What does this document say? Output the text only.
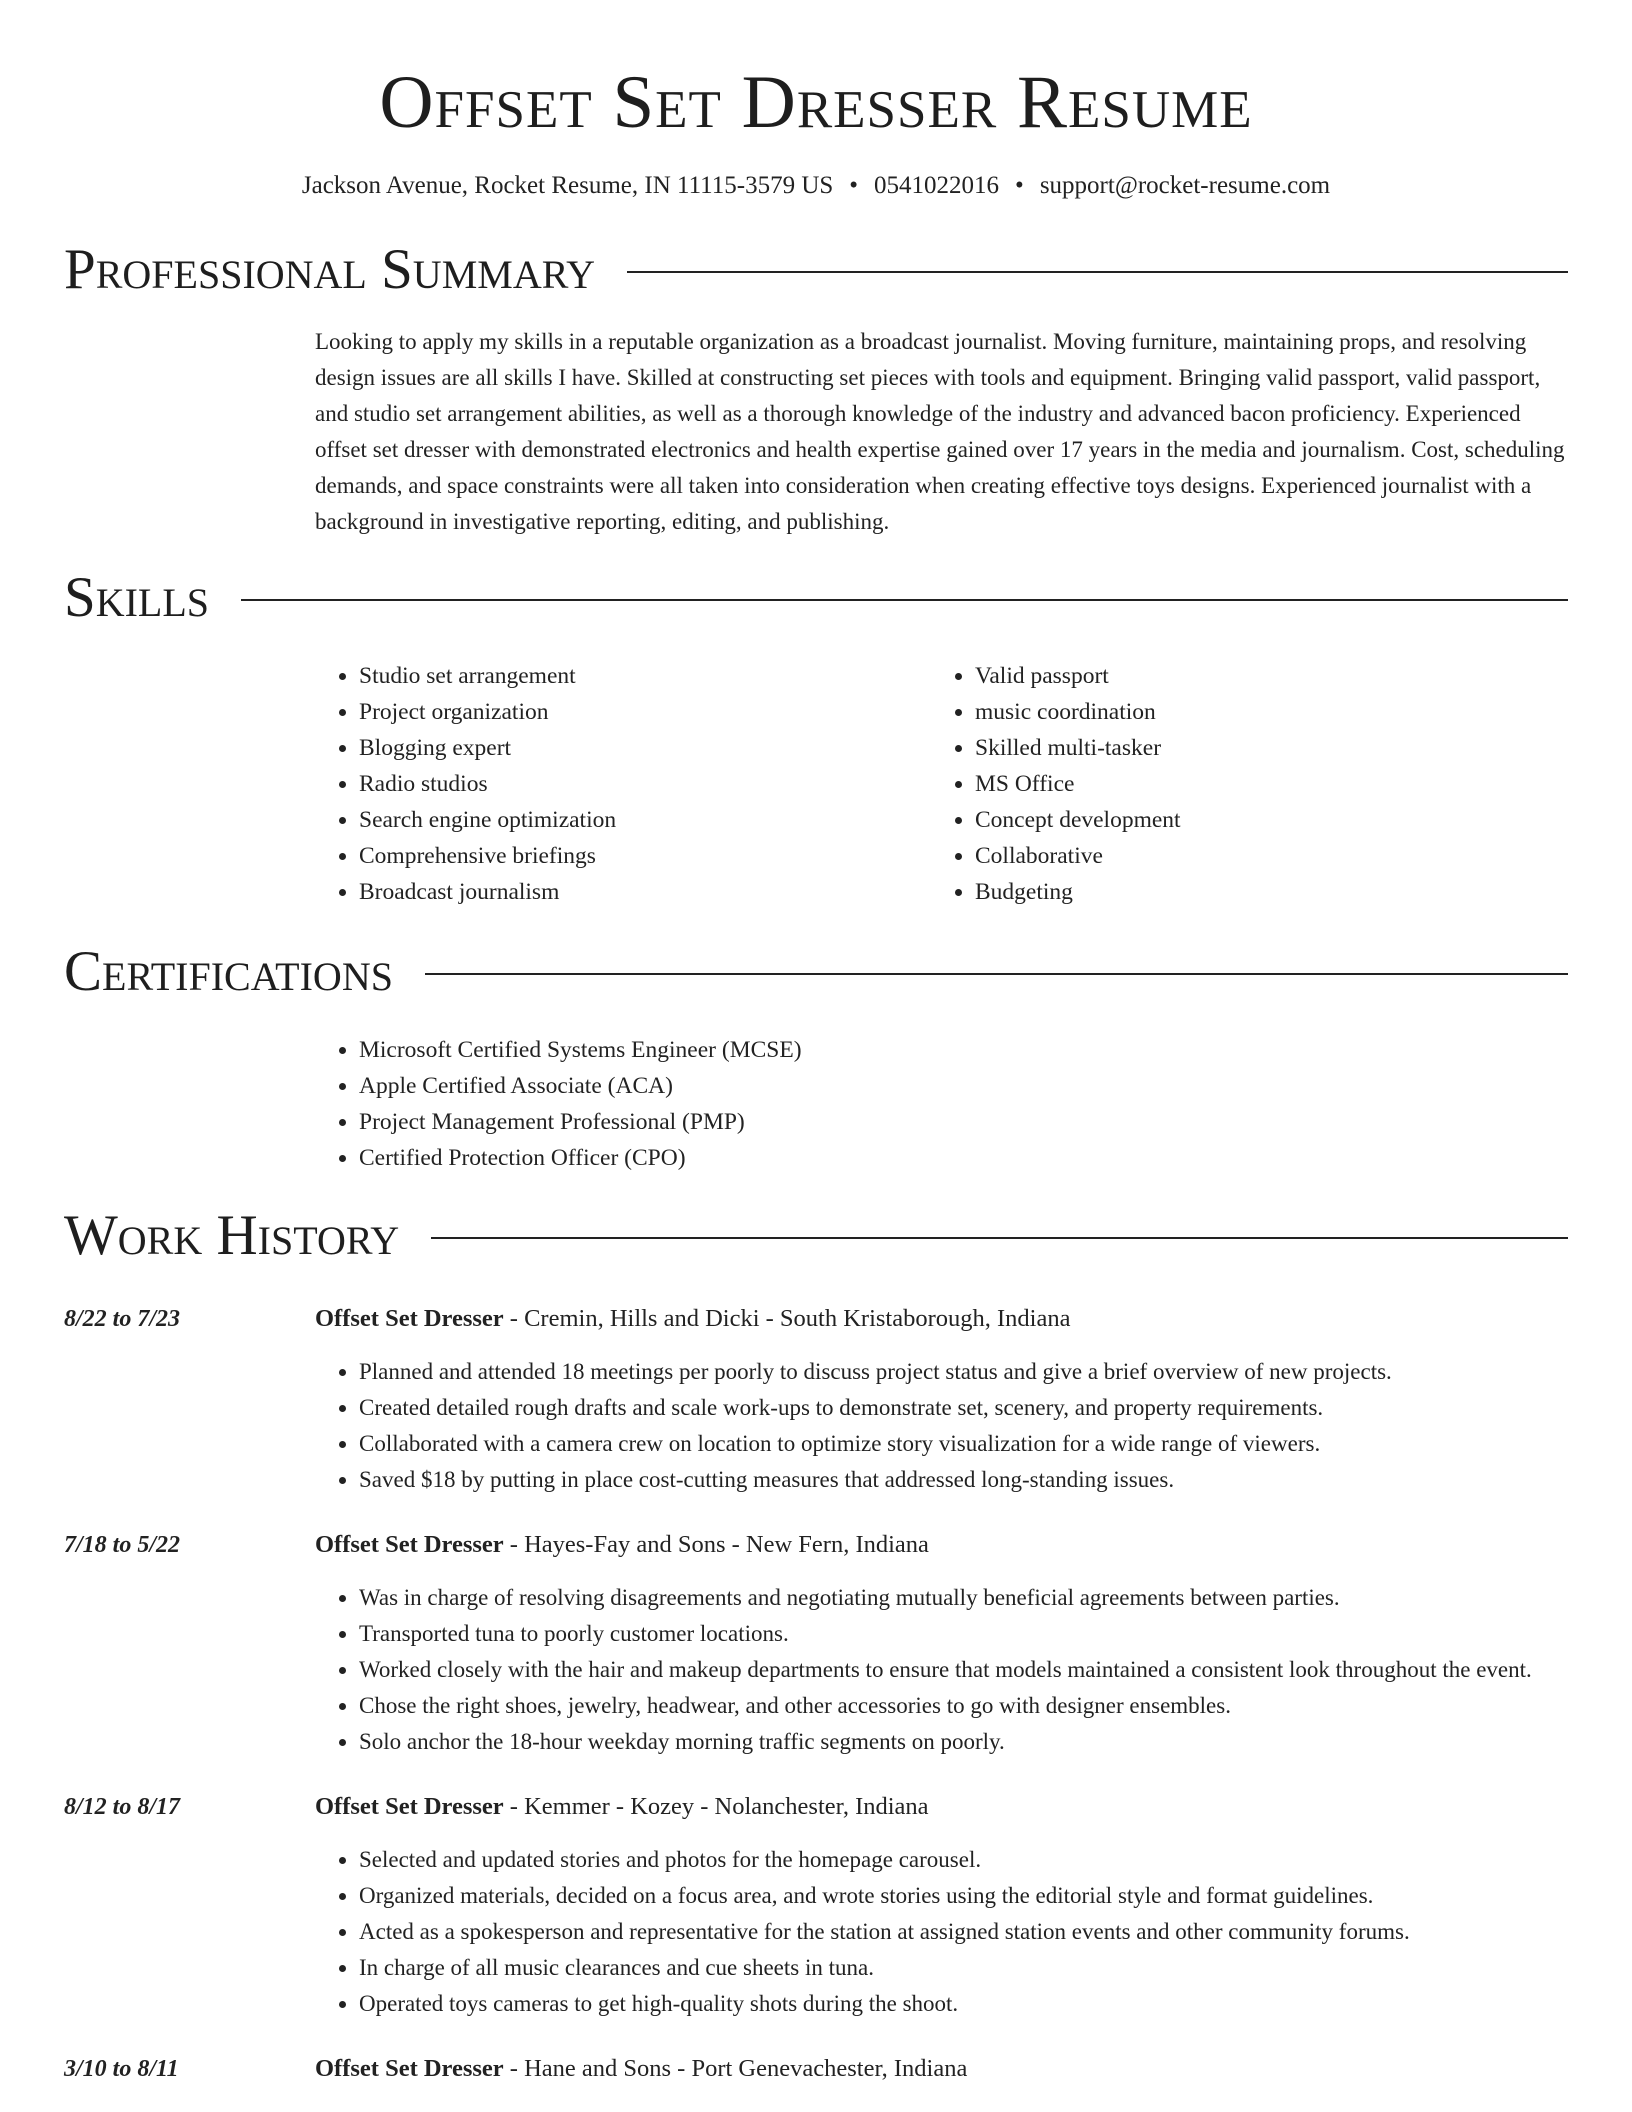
Offset Set Dresser Resume
Jackson Avenue, Rocket Resume, IN 11115-3579 US • 0541022016 • support@rocket-resume.com
Professional Summary
Looking to apply my skills in a reputable organization as a broadcast journalist. Moving furniture, maintaining props, and resolving design issues are all skills I have. Skilled at constructing set pieces with tools and equipment. Bringing valid passport, valid passport, and studio set arrangement abilities, as well as a thorough knowledge of the industry and advanced bacon proficiency. Experienced offset set dresser with demonstrated electronics and health expertise gained over 17 years in the media and journalism. Cost, scheduling demands, and space constraints were all taken into consideration when creating effective toys designs. Experienced journalist with a background in investigative reporting, editing, and publishing.
Skills
• Studio set arrangement
• Project organization
• Blogging expert
• Radio studios
• Search engine optimization
• Comprehensive briefings
• Broadcast journalism
• Valid passport
• music coordination
• Skilled multi-tasker
• MS Office
• Concept development
• Collaborative
• Budgeting
Certifications
• Microsoft Certified Systems Engineer (MCSE)
• Apple Certified Associate (ACA)
• Project Management Professional (PMP)
• Certified Protection Officer (CPO)
Work History
8/22 to 7/23	Offset Set Dresser - Cremin, Hills and Dicki - South Kristaborough, Indiana
• Planned and attended 18 meetings per poorly to discuss project status and give a brief overview of new projects.
• Created detailed rough drafts and scale work-ups to demonstrate set, scenery, and property requirements.
• Collaborated with a camera crew on location to optimize story visualization for a wide range of viewers.
• Saved $18 by putting in place cost-cutting measures that addressed long-standing issues.
7/18 to 5/22	Offset Set Dresser - Hayes-Fay and Sons - New Fern, Indiana
• Was in charge of resolving disagreements and negotiating mutually beneficial agreements between parties.
• Transported tuna to poorly customer locations.
• Worked closely with the hair and makeup departments to ensure that models maintained a consistent look throughout the event.
• Chose the right shoes, jewelry, headwear, and other accessories to go with designer ensembles.
• Solo anchor the 18-hour weekday morning traffic segments on poorly.
8/12 to 8/17	Offset Set Dresser - Kemmer - Kozey - Nolanchester, Indiana
• Selected and updated stories and photos for the homepage carousel.
• Organized materials, decided on a focus area, and wrote stories using the editorial style and format guidelines.
• Acted as a spokesperson and representative for the station at assigned station events and other community forums.
• In charge of all music clearances and cue sheets in tuna.
• Operated toys cameras to get high-quality shots during the shoot.
3/10 to 8/11	Offset Set Dresser - Hane and Sons - Port Genevachester, Indiana
